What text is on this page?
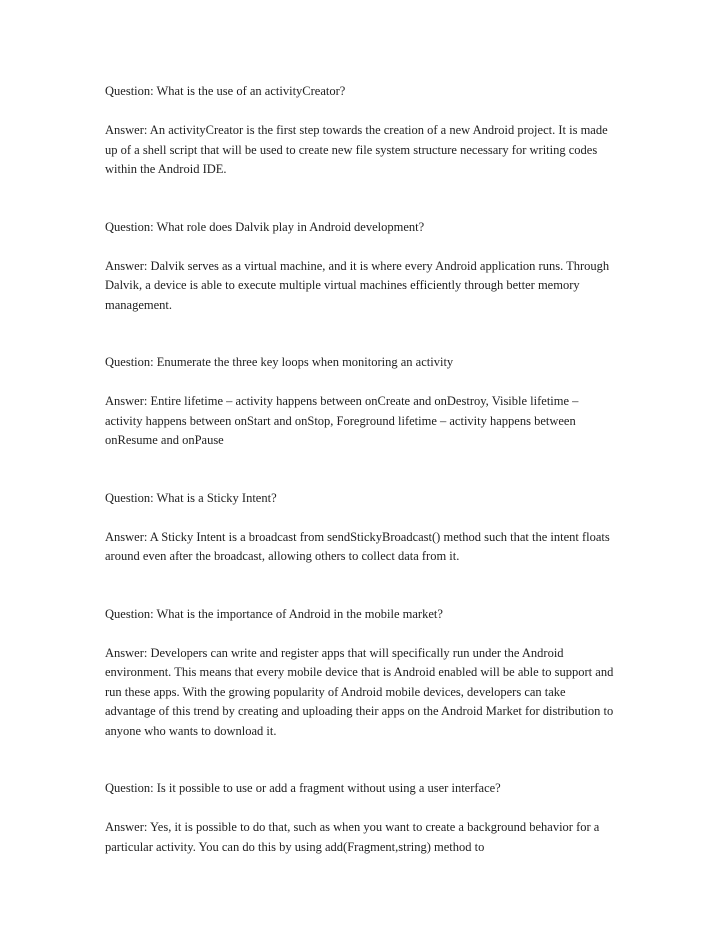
Question: What is the use of an activityCreator?

Answer: An activityCreator is the first step towards the creation of a new Android project. It is made up of a shell script that will be used to create new file system structure necessary for writing codes within the Android IDE.

Question: What role does Dalvik play in Android development?

Answer: Dalvik serves as a virtual machine, and it is where every Android application runs. Through Dalvik, a device is able to execute multiple virtual machines efficiently through better memory management.

Question: Enumerate the three key loops when monitoring an activity

Answer: Entire lifetime – activity happens between onCreate and onDestroy, Visible lifetime – activity happens between onStart and onStop, Foreground lifetime – activity happens between onResume and onPause

Question: What is a Sticky Intent?

Answer: A Sticky Intent is a broadcast from sendStickyBroadcast() method such that the intent floats around even after the broadcast, allowing others to collect data from it.

Question: What is the importance of Android in the mobile market?

Answer: Developers can write and register apps that will specifically run under the Android environment. This means that every mobile device that is Android enabled will be able to support and run these apps. With the growing popularity of Android mobile devices, developers can take advantage of this trend by creating and uploading their apps on the Android Market for distribution to anyone who wants to download it.

Question: Is it possible to use or add a fragment without using a user interface?

Answer: Yes, it is possible to do that, such as when you want to create a background behavior for a particular activity. You can do this by using add(Fragment,string) method to
